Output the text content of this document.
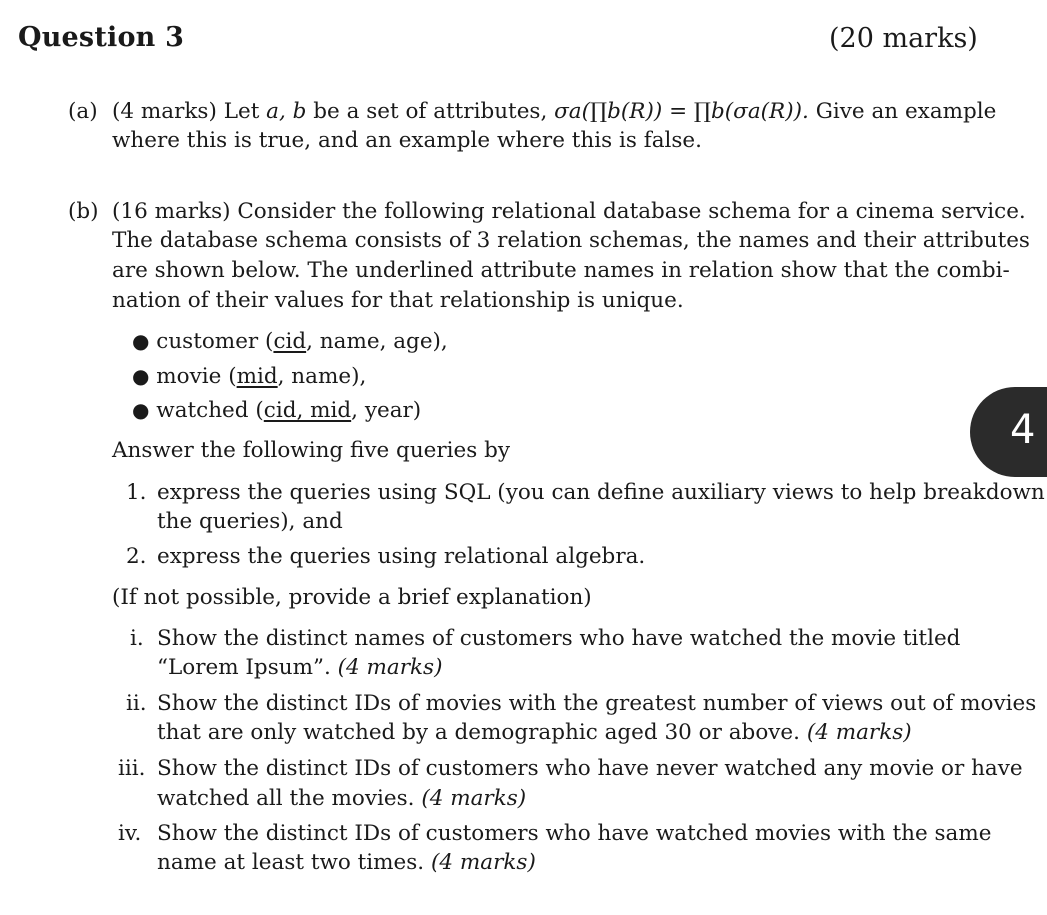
Question 3	(20 marks)
(a) (4 marks) Let a, b be a set of attributes, σa(∏b(R)) = ∏b(σa(R)). Give an example
where this is true, and an example where this is false.
(b) (16 marks) Consider the following relational database schema for a cinema service.
The database schema consists of 3 relation schemas, the names and their attributes
are shown below. The underlined attribute names in relation show that the combi-
nation of their values for that relationship is unique.
● customer (cid, name, age),
● movie (mid, name),
● watched (cid, mid, year)
Answer the following five queries by
1. express the queries using SQL (you can define auxiliary views to help breakdown
the queries), and
2. express the queries using relational algebra.
(If not possible, provide a brief explanation)
i. Show the distinct names of customers who have watched the movie titled
“Lorem Ipsum”. (4 marks)
ii. Show the distinct IDs of movies with the greatest number of views out of movies
that are only watched by a demographic aged 30 or above. (4 marks)
iii. Show the distinct IDs of customers who have never watched any movie or have
watched all the movies. (4 marks)
iv. Show the distinct IDs of customers who have watched movies with the same
name at least two times. (4 marks)
4
